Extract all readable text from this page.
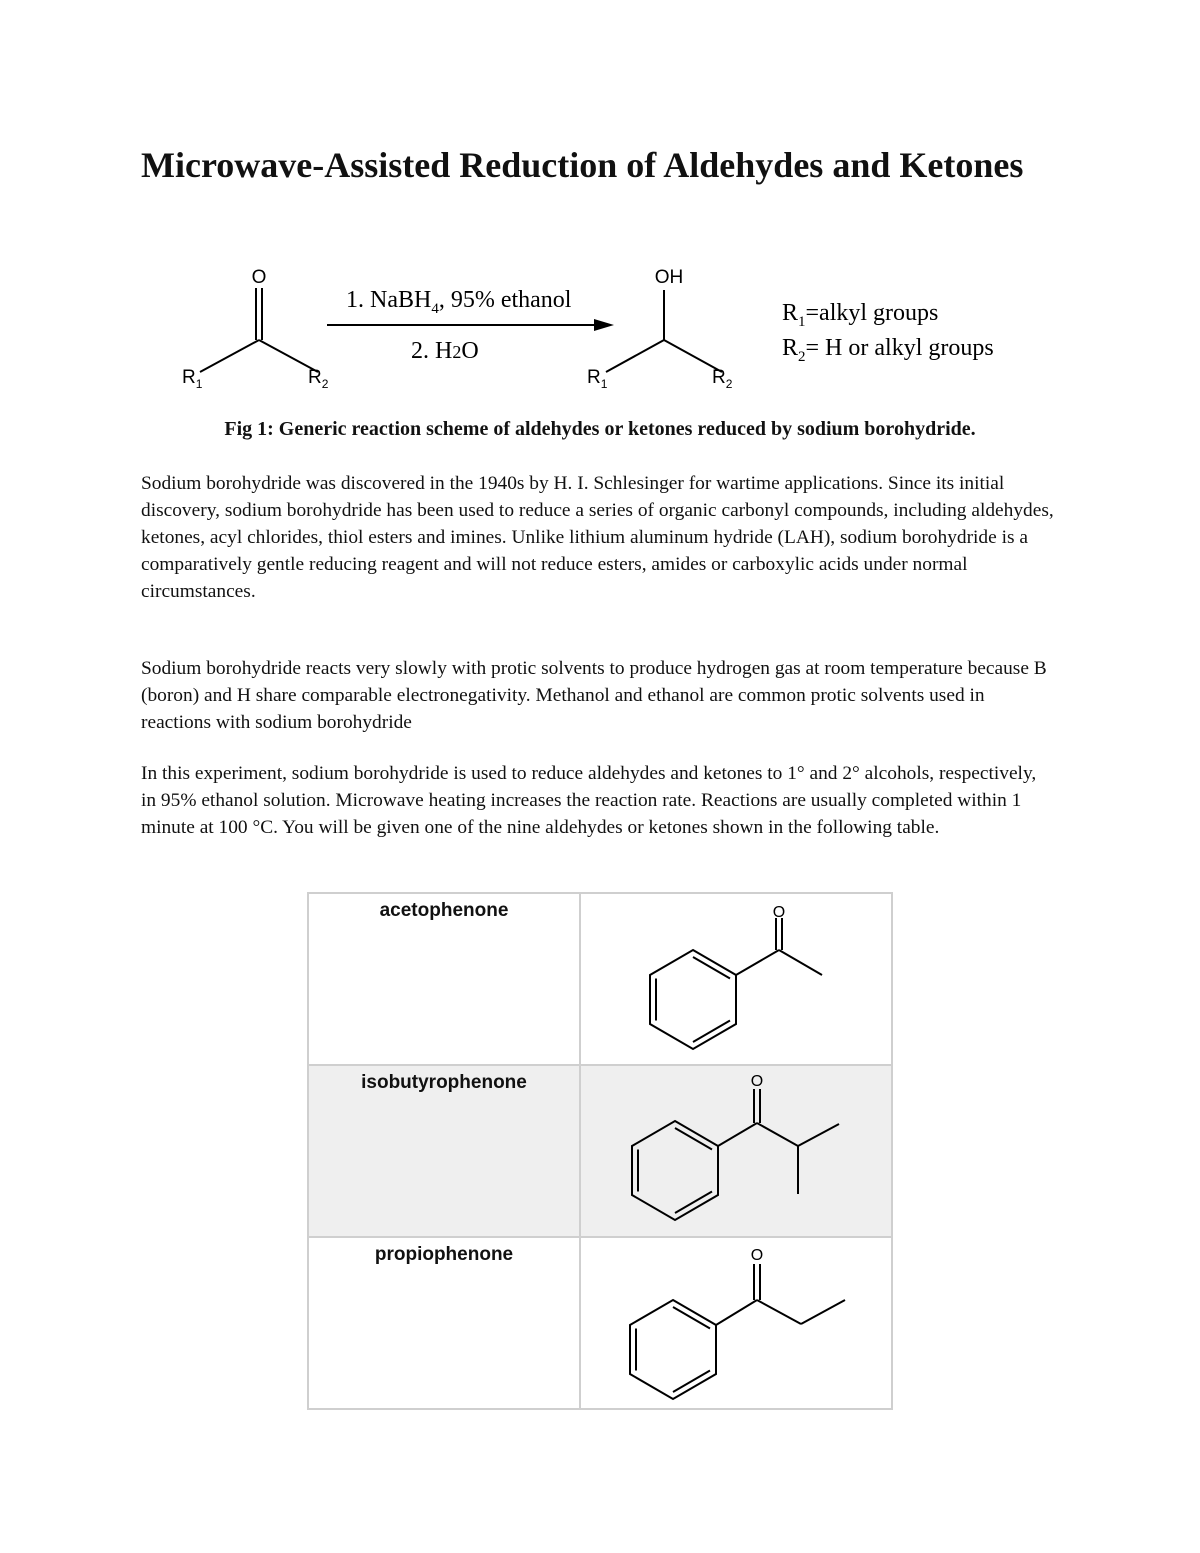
Microwave-Assisted Reduction of Aldehydes and Ketones
O
$R_1$	$R_2$
1. NaBH$_4$, 95% ethanol
2. H2O
OH
$R_1$	$R_2$
$R_1=alkyl$ groups
$R_2= H$ or alkyl groups
Fig 1: Generic reaction scheme of aldehydes or ketones reduced by sodium borohydride.

Sodium borohydride was discovered in the 1940s by H. I. Schlesinger for wartime applications. Since its initial discovery, sodium borohydride has been used to reduce a series of organic carbonyl compounds, including aldehydes, ketones, acyl chlorides, thiol esters and imines. Unlike lithium aluminum hydride (LAH), sodium borohydride is a comparatively gentle reducing reagent and will not reduce esters, amides or carboxylic acids under normal circumstances.

Sodium borohydride reacts very slowly with protic solvents to produce hydrogen gas at room temperature because B (boron) and H share comparable electronegativity. Methanol and ethanol are common protic solvents used in reactions with sodium borohydride

In this experiment, sodium borohydride is used to reduce aldehydes and ketones to 1° and 2° alcohols, respectively, in 95% ethanol solution. Microwave heating increases the reaction rate. Reactions are usually completed within 1 minute at 100 °C. You will be given one of the nine aldehydes or ketones shown in the following table.

acetophenone	O

isobutyrophenone	O

propiophenone	O
